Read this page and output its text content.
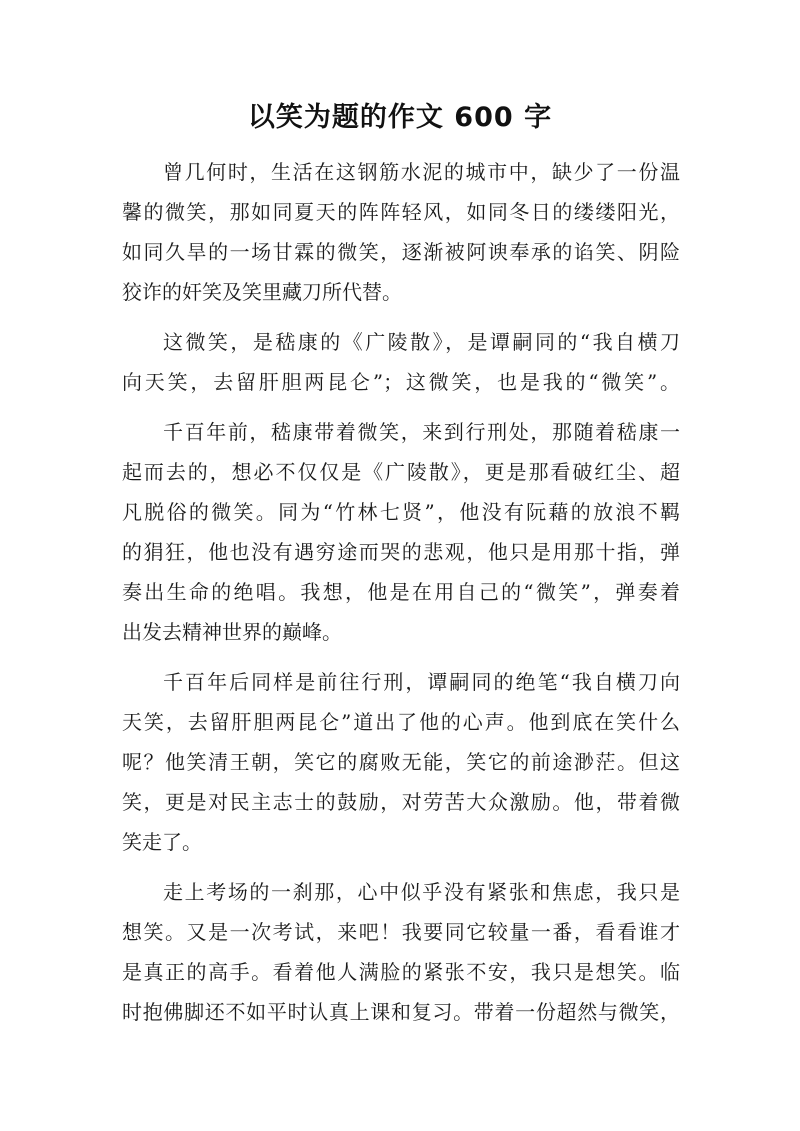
以笑为题的作文 600 字
曾几何时，生活在这钢筋水泥的城市中，缺少了一份温
馨的微笑，那如同夏天的阵阵轻风，如同冬日的缕缕阳光，
如同久旱的一场甘霖的微笑，逐渐被阿谀奉承的谄笑、阴险
狡诈的奸笑及笑里藏刀所代替。
这微笑，是嵇康的《广陵散》，是谭嗣同的“我自横刀
向天笑，去留肝胆两昆仑”；这微笑，也是我的“微笑”。
千百年前，嵇康带着微笑，来到行刑处，那随着嵇康一
起而去的，想必不仅仅是《广陵散》，更是那看破红尘、超
凡脱俗的微笑。同为“竹林七贤”，他没有阮藉的放浪不羁
的狷狂，他也没有遇穷途而哭的悲观，他只是用那十指，弹
奏出生命的绝唱。我想，他是在用自己的“微笑”，弹奏着
出发去精神世界的巅峰。
千百年后同样是前往行刑，谭嗣同的绝笔“我自横刀向
天笑，去留肝胆两昆仑”道出了他的心声。他到底在笑什么
呢？他笑清王朝，笑它的腐败无能，笑它的前途渺茫。但这
笑，更是对民主志士的鼓励，对劳苦大众激励。他，带着微
笑走了。
走上考场的一刹那，心中似乎没有紧张和焦虑，我只是
想笑。又是一次考试，来吧！我要同它较量一番，看看谁才
是真正的高手。看着他人满脸的紧张不安，我只是想笑。临
时抱佛脚还不如平时认真上课和复习。带着一份超然与微笑，
